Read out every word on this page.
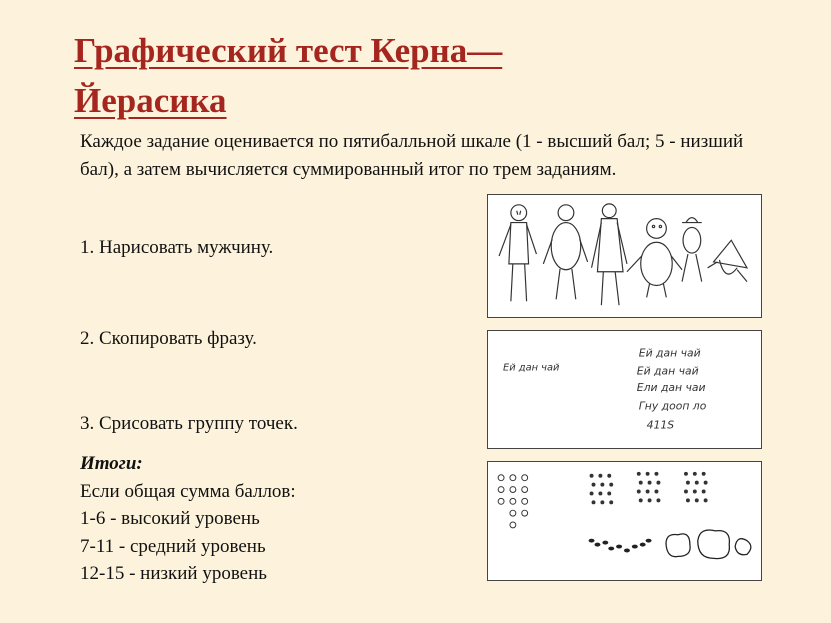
Графический тест Керна—
Йерасика

Каждое задание оценивается по пятибалльной шкале (1 - высший бал; 5 - низший бал), а затем вычисляется суммированный итог по трем заданиям.

1. Нарисовать мужчину.

2. Скопировать фразу.

3. Срисовать группу точек.

Итоги:
Если общая сумма баллов:
1-6 - высокий уровень
7-11 - средний уровень
12-15 - низкий уровень
Ей дан чай
Ей дан чай
Ей дан чай
Ели дан чаи
Гну дооп ло
411S
